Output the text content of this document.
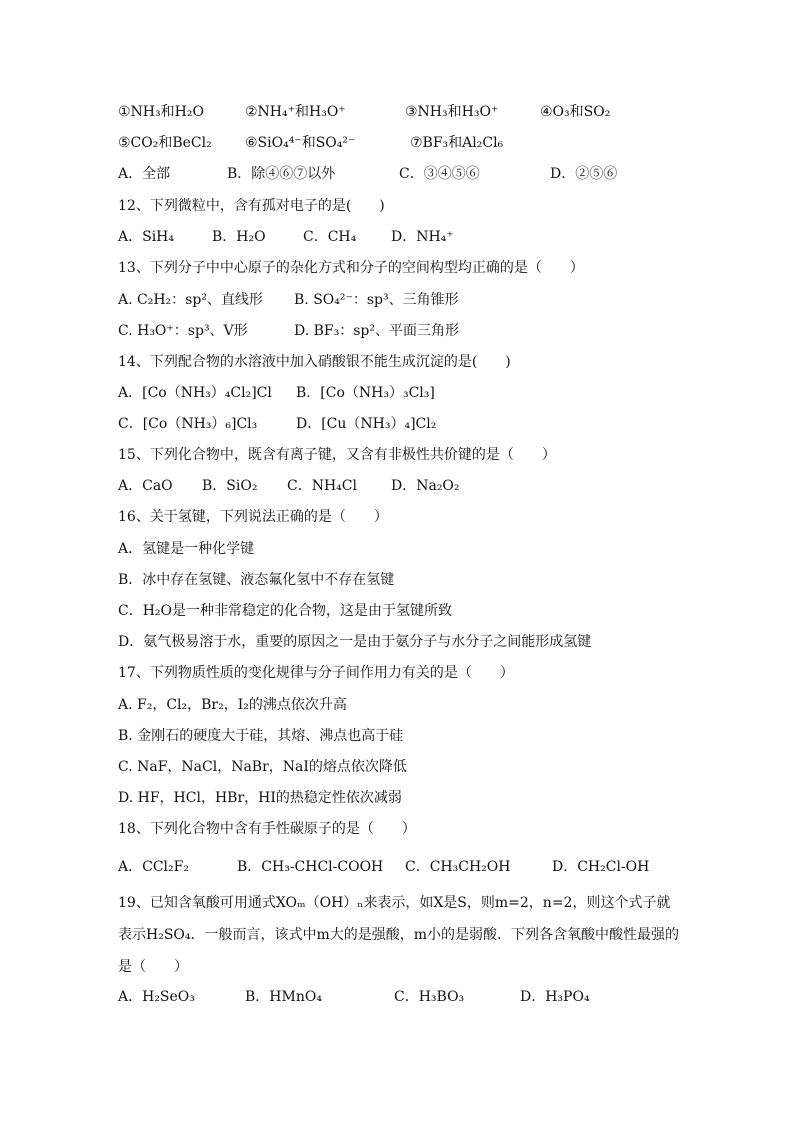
①NH₃和H₂O	②NH₄⁺和H₃O⁺	③NH₃和H₃O⁺	④O₃和SO₂
⑤CO₂和BeCl₂ ⑥SiO₄⁴⁻和SO₄²⁻	⑦BF₃和Al₂Cl₆
A．全部	B．除④⑥⑦以外	C．③④⑤⑥	D．②⑤⑥
12、下列微粒中，含有孤对电子的是(　　)
A．SiH₄	B．H₂O	C．CH₄ D．NH₄⁺
13、下列分子中中心原子的杂化方式和分子的空间构型均正确的是（　　）
A. C₂H₂：sp²、直线形 B. SO₄²⁻：sp³、三角锥形
C. H₃O⁺：sp³、V形	D. BF₃：sp²、平面三角形
14、下列配合物的水溶液中加入硝酸银不能生成沉淀的是(　　)
A．[Co（NH₃）₄Cl₂]Cl B．[Co（NH₃）₃Cl₃]
C．[Co（NH₃）₆]Cl₃	D．[Cu（NH₃）₄]Cl₂
15、下列化合物中，既含有离子键，又含有非极性共价键的是（　　）
A．CaO B．SiO₂ C．NH₄Cl D．Na₂O₂
16、关于氢键，下列说法正确的是（　　）
A．氢键是一种化学键
B．冰中存在氢键、液态氟化氢中不存在氢键
C．H₂O是一种非常稳定的化合物，这是由于氢键所致
D．氨气极易溶于水，重要的原因之一是由于氨分子与水分子之间能形成氢键
17、下列物质性质的变化规律与分子间作用力有关的是（　　）
A. F₂，Cl₂，Br₂，I₂的沸点依次升高
B. 金刚石的硬度大于硅，其熔、沸点也高于硅
C. NaF，NaCl，NaBr，NaI的熔点依次降低
D. HF，HCl，HBr，HI的热稳定性依次减弱
18、下列化合物中含有手性碳原子的是（　　）
A．CCl₂F₂	B．CH₃-CHCl-COOH C．CH₃CH₂OH	D．CH₂Cl-OH
19、已知含氧酸可用通式XOₘ（OH）ₙ来表示，如X是S，则m=2，n=2，则这个式子就表示H₂SO₄．一般而言，该式中m大的是强酸，m小的是弱酸．下列各含氧酸中酸性最强的是（　　）
A．H₂SeO₃	B．HMnO₄	C．H₃BO₃	D．H₃PO₄
